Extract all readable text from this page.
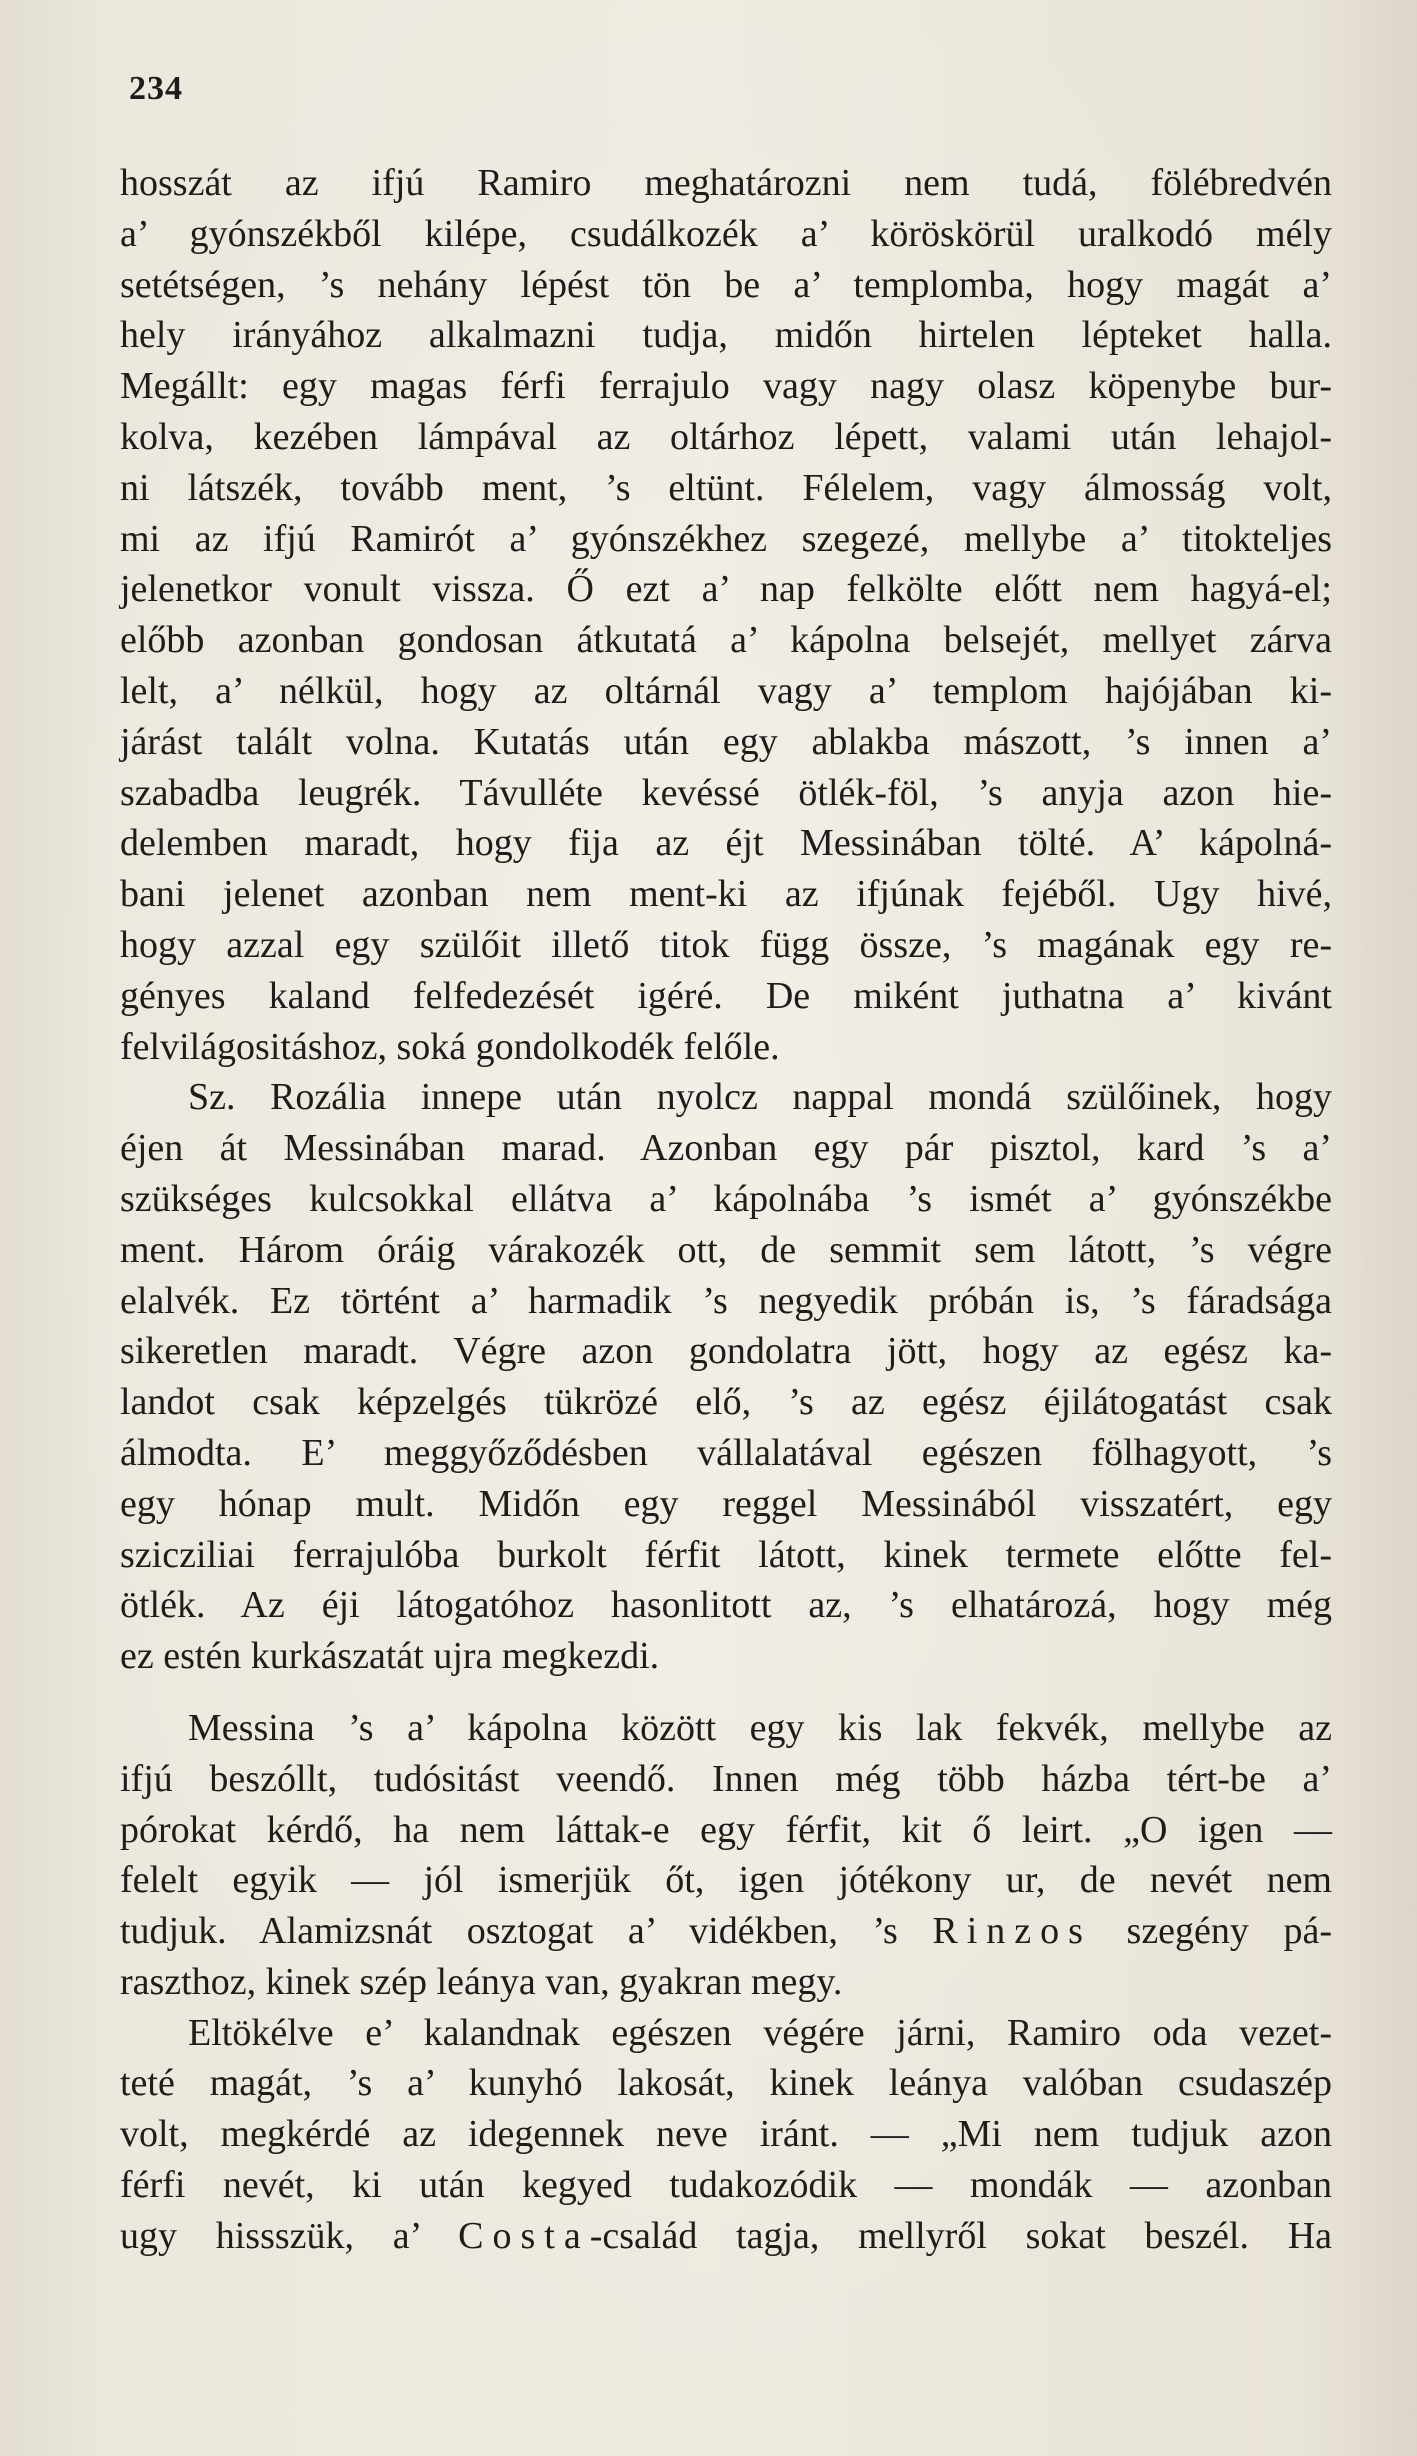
234

hosszát az ifjú Ramiro meghatározni nem tudá, fölébredvén
a’ gyónszékből kilépe, csudálkozék a’ köröskörül uralkodó mély
setétségen, ’s nehány lépést tön be a’ templomba, hogy magát a’
hely irányához alkalmazni tudja, midőn hirtelen lépteket halla.
Megállt: egy magas férfi ferrajulo vagy nagy olasz köpenybe bur-
kolva, kezében lámpával az oltárhoz lépett, valami után lehajol-
ni látszék, tovább ment, ’s eltünt. Félelem, vagy álmosság volt,
mi az ifjú Ramirót a’ gyónszékhez szegezé, mellybe a’ titokteljes
jelenetkor vonult vissza. Ő ezt a’ nap felkölte előtt nem hagyá-el;
előbb azonban gondosan átkutatá a’ kápolna belsejét, mellyet zárva
lelt, a’ nélkül, hogy az oltárnál vagy a’ templom hajójában ki-
járást talált volna. Kutatás után egy ablakba mászott, ’s innen a’
szabadba leugrék. Távulléte kevéssé ötlék-föl, ’s anyja azon hie-
delemben maradt, hogy fija az éjt Messinában tölté. A’ kápolná-
bani jelenet azonban nem ment-ki az ifjúnak fejéből. Ugy hivé,
hogy azzal egy szülőit illető titok függ össze, ’s magának egy re-
gényes kaland felfedezését igéré. De miként juthatna a’ kivánt
felvilágositáshoz, soká gondolkodék felőle.

Sz. Rozália innepe után nyolcz nappal mondá szülőinek, hogy
éjen át Messinában marad. Azonban egy pár pisztol, kard ’s a’
szükséges kulcsokkal ellátva a’ kápolnába ’s ismét a’ gyónszékbe
ment. Három óráig várakozék ott, de semmit sem látott, ’s végre
elalvék. Ez történt a’ harmadik ’s negyedik próbán is, ’s fáradsága
sikeretlen maradt. Végre azon gondolatra jött, hogy az egész ka-
landot csak képzelgés tükrözé elő, ’s az egész éjilátogatást csak
álmodta. E’ meggyőződésben vállalatával egészen fölhagyott, ’s
egy hónap mult. Midőn egy reggel Messinából visszatért, egy
szicziliai ferrajulóba burkolt férfit látott, kinek termete előtte fel-
ötlék. Az éji látogatóhoz hasonlitott az, ’s elhatározá, hogy még
ez estén kurkászatát ujra megkezdi.

Messina ’s a’ kápolna között egy kis lak fekvék, mellybe az
ifjú beszóllt, tudósitást veendő. Innen még több házba tért-be a’
pórokat kérdő, ha nem láttak-e egy férfit, kit ő leirt. „O igen —
felelt egyik — jól ismerjük őt, igen jótékony ur, de nevét nem
tudjuk. Alamizsnát osztogat a’ vidékben, ’s Rinzos szegény pá-
raszthoz, kinek szép leánya van, gyakran megy.

Eltökélve e’ kalandnak egészen végére járni, Ramiro oda vezet-
teté magát, ’s a’ kunyhó lakosát, kinek leánya valóban csudaszép
volt, megkérdé az idegennek neve iránt. — „Mi nem tudjuk azon
férfi nevét, ki után kegyed tudakozódik — mondák — azonban
ugy hissszük, a’ Costa-család tagja, mellyről sokat beszél. Ha
